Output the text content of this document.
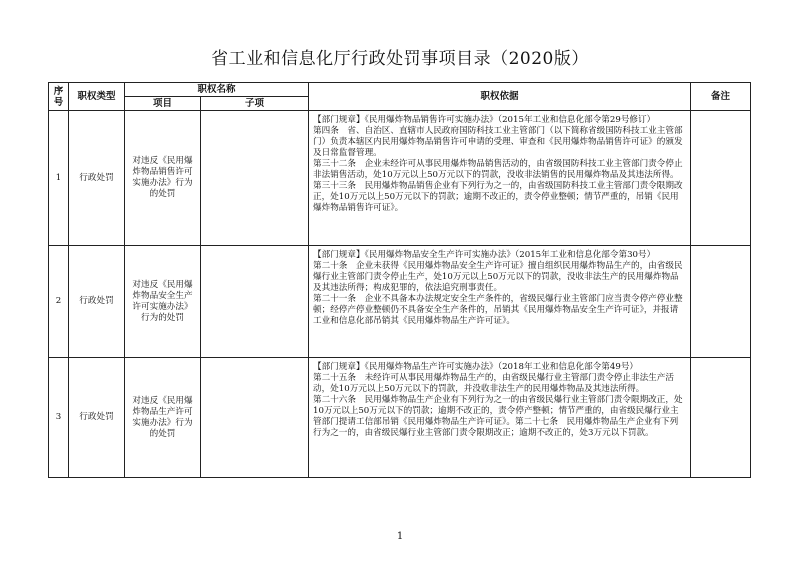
省工业和信息化厅行政处罚事项目录（2020版）
序
号	职权类型	职权名称		职权依据	备注
		项目	子项		
1	行政处罚	对违反《民用爆炸物品销售许可实施办法》行为的处罚		【部门规章】《民用爆炸物品销售许可实施办法》（2015年工业和信息化部令第29号修订）

第四条　省、自治区、直辖市人民政府国防科技工业主管部门（以下简称省级国防科技工业主管部门）负责本辖区内民用爆炸物品销售许可申请的受理、审查和《民用爆炸物品销售许可证》的颁发及日常监督管理。

第三十二条　企业未经许可从事民用爆炸物品销售活动的，由省级国防科技工业主管部门责令停止非法销售活动，处10万元以上50万元以下的罚款，没收非法销售的民用爆炸物品及其违法所得。

第三十三条　民用爆炸物品销售企业有下列行为之一的，由省级国防科技工业主管部门责令限期改正，处10万元以上50万元以下的罚款；逾期不改正的，责令停业整顿；情节严重的，吊销《民用爆炸物品销售许可证》。	

2	行政处罚	对违反《民用爆炸物品安全生产许可实施办法》行为的处罚		【部门规章】《民用爆炸物品安全生产许可实施办法》（2015年工业和信息化部令第30号）

第二十条　企业未获得《民用爆炸物品安全生产许可证》擅自组织民用爆炸物品生产的，由省级民爆行业主管部门责令停止生产，处10万元以上50万元以下的罚款，没收非法生产的民用爆炸物品及其违法所得；构成犯罪的，依法追究刑事责任。

第二十一条　企业不具备本办法规定安全生产条件的，省级民爆行业主管部门应当责令停产停业整顿；经停产停业整顿仍不具备安全生产条件的，吊销其《民用爆炸物品安全生产许可证》，并报请工业和信息化部吊销其《民用爆炸物品生产许可证》。	

3	行政处罚	对违反《民用爆炸物品生产许可实施办法》行为的处罚		【部门规章】《民用爆炸物品生产许可实施办法》（2018年工业和信息化部令第49号）

第二十五条　未经许可从事民用爆炸物品生产的，由省级民爆行业主管部门责令停止非法生产活动，处10万元以上50万元以下的罚款，并没收非法生产的民用爆炸物品及其违法所得。

第二十六条　民用爆炸物品生产企业有下列行为之一的由省级民爆行业主管部门责令限期改正，处10万元以上50万元以下的罚款；逾期不改正的，责令停产整顿；情节严重的，由省级民爆行业主管部门提请工信部吊销《民用爆炸物品生产许可证》。第二十七条　民用爆炸物品生产企业有下列行为之一的，由省级民爆行业主管部门责令限期改正；逾期不改正的，处3万元以下罚款。	

1
